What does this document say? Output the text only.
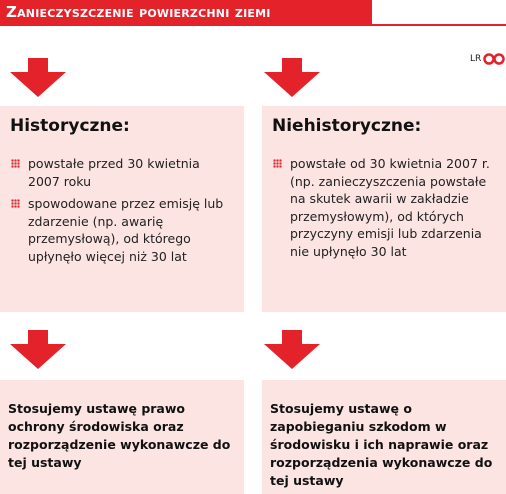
Zanieczyszczenie powierzchni ziemi
LR
Historyczne:
powstałe przed 30 kwietnia 2007 roku
spowodowane przez emisję lub zdarzenie (np. awarię przemysłową), od którego upłynęło więcej niż 30 lat
Niehistoryczne:
powstałe od 30 kwietnia 2007 r. (np. zanieczyszczenia powstałe na skutek awarii w zakładzie przemysłowym), od których przyczyny emisji lub zdarzenia nie upłynęło 30 lat
Stosujemy ustawę prawo ochrony środowiska oraz rozporządzenie wykonawcze do tej ustawy
Stosujemy ustawę o zapobieganiu szkodom w środowisku i ich naprawie oraz rozporządzenia wykonawcze do tej ustawy
